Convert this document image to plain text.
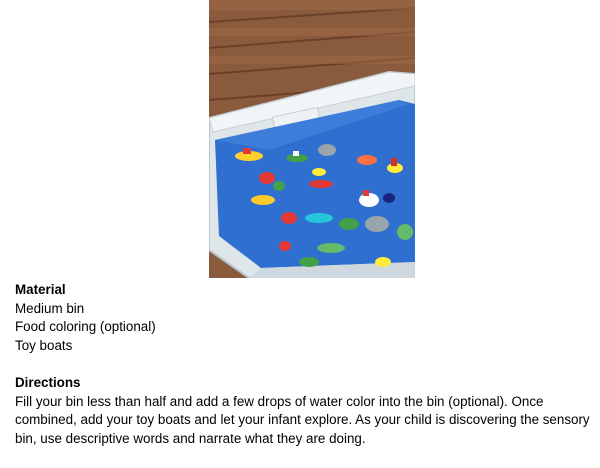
Material
Medium bin
Food coloring (optional)
Toy boats
Directions
Fill your bin less than half and add a few drops of water color into the bin (optional). Once combined, add your toy boats and let your infant explore. As your child is discovering the sensory bin, use descriptive words and narrate what they are doing.
